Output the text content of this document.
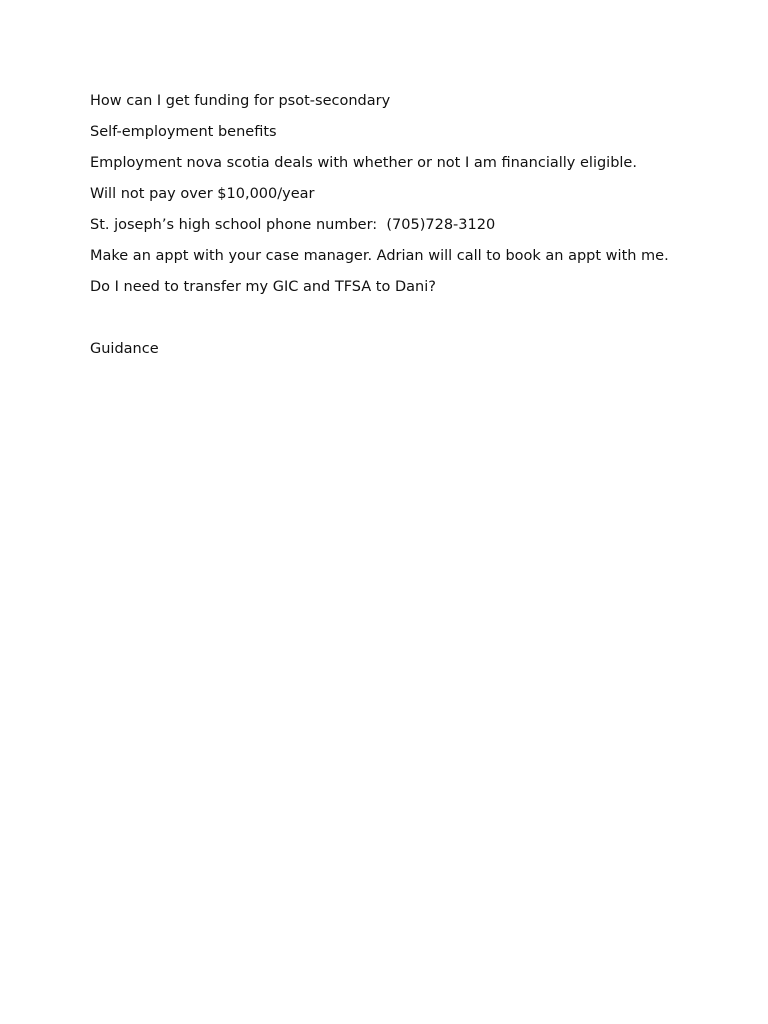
How can I get funding for psot-secondary

Self-employment benefits

Employment nova scotia deals with whether or not I am financially eligible.

Will not pay over $10,000/year

St. joseph’s high school phone number:  (705)728-3120

Make an appt with your case manager. Adrian will call to book an appt with me.

Do I need to transfer my GIC and TFSA to Dani?

Guidance
